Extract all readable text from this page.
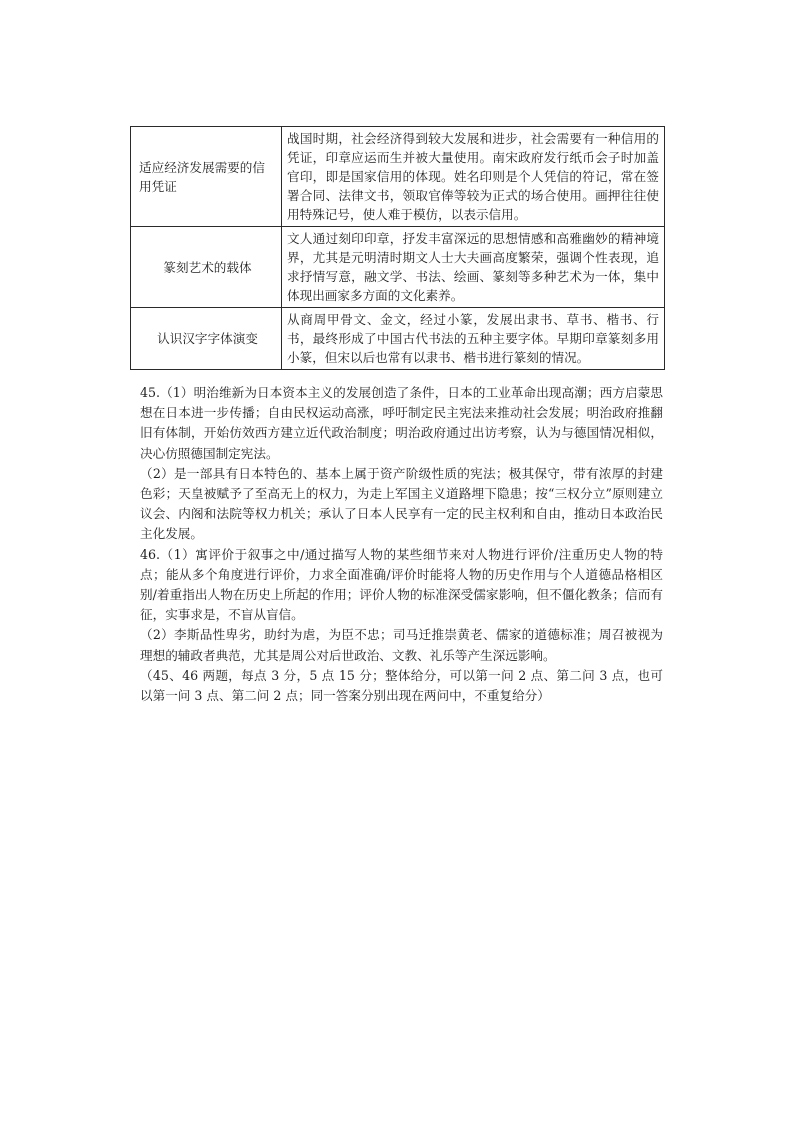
适应经济发展需要的信用凭证	战国时期，社会经济得到较大发展和进步，社会需要有一种信用的凭证，印章应运而生并被大量使用。南宋政府发行纸币会子时加盖官印，即是国家信用的体现。姓名印则是个人凭信的符记，常在签署合同、法律文书，领取官俸等较为正式的场合使用。画押往往使用特殊记号，使人难于模仿，以表示信用。
篆刻艺术的载体	文人通过刻印印章，抒发丰富深远的思想情感和高雅幽妙的精神境界，尤其是元明清时期文人士大夫画高度繁荣，强调个性表现，追求抒情写意，融文学、书法、绘画、篆刻等多种艺术为一体，集中体现出画家多方面的文化素养。
认识汉字字体演变	从商周甲骨文、金文，经过小篆，发展出隶书、草书、楷书、行书，最终形成了中国古代书法的五种主要字体。早期印章篆刻多用小篆，但宋以后也常有以隶书、楷书进行篆刻的情况。

45.（1）明治维新为日本资本主义的发展创造了条件，日本的工业革命出现高潮；西方启蒙思想在日本进一步传播；自由民权运动高涨，呼吁制定民主宪法来推动社会发展；明治政府推翻旧有体制，开始仿效西方建立近代政治制度；明治政府通过出访考察，认为与德国情况相似，决心仿照德国制定宪法。

（2）是一部具有日本特色的、基本上属于资产阶级性质的宪法；极其保守，带有浓厚的封建色彩；天皇被赋予了至高无上的权力，为走上军国主义道路埋下隐患；按“三权分立”原则建立议会、内阁和法院等权力机关；承认了日本人民享有一定的民主权利和自由，推动日本政治民主化发展。

46.（1）寓评价于叙事之中/通过描写人物的某些细节来对人物进行评价/注重历史人物的特点；能从多个角度进行评价，力求全面准确/评价时能将人物的历史作用与个人道德品格相区别/着重指出人物在历史上所起的作用；评价人物的标准深受儒家影响，但不僵化教条；信而有征，实事求是，不盲从盲信。

（2）李斯品性卑劣，助纣为虐，为臣不忠；司马迁推崇黄老、儒家的道德标准；周召被视为理想的辅政者典范，尤其是周公对后世政治、文教、礼乐等产生深远影响。

（45、46 两题，每点 3 分，5 点 15 分；整体给分，可以第一问 2 点、第二问 3 点，也可以第一问 3 点、第二问 2 点；同一答案分别出现在两问中，不重复给分）
